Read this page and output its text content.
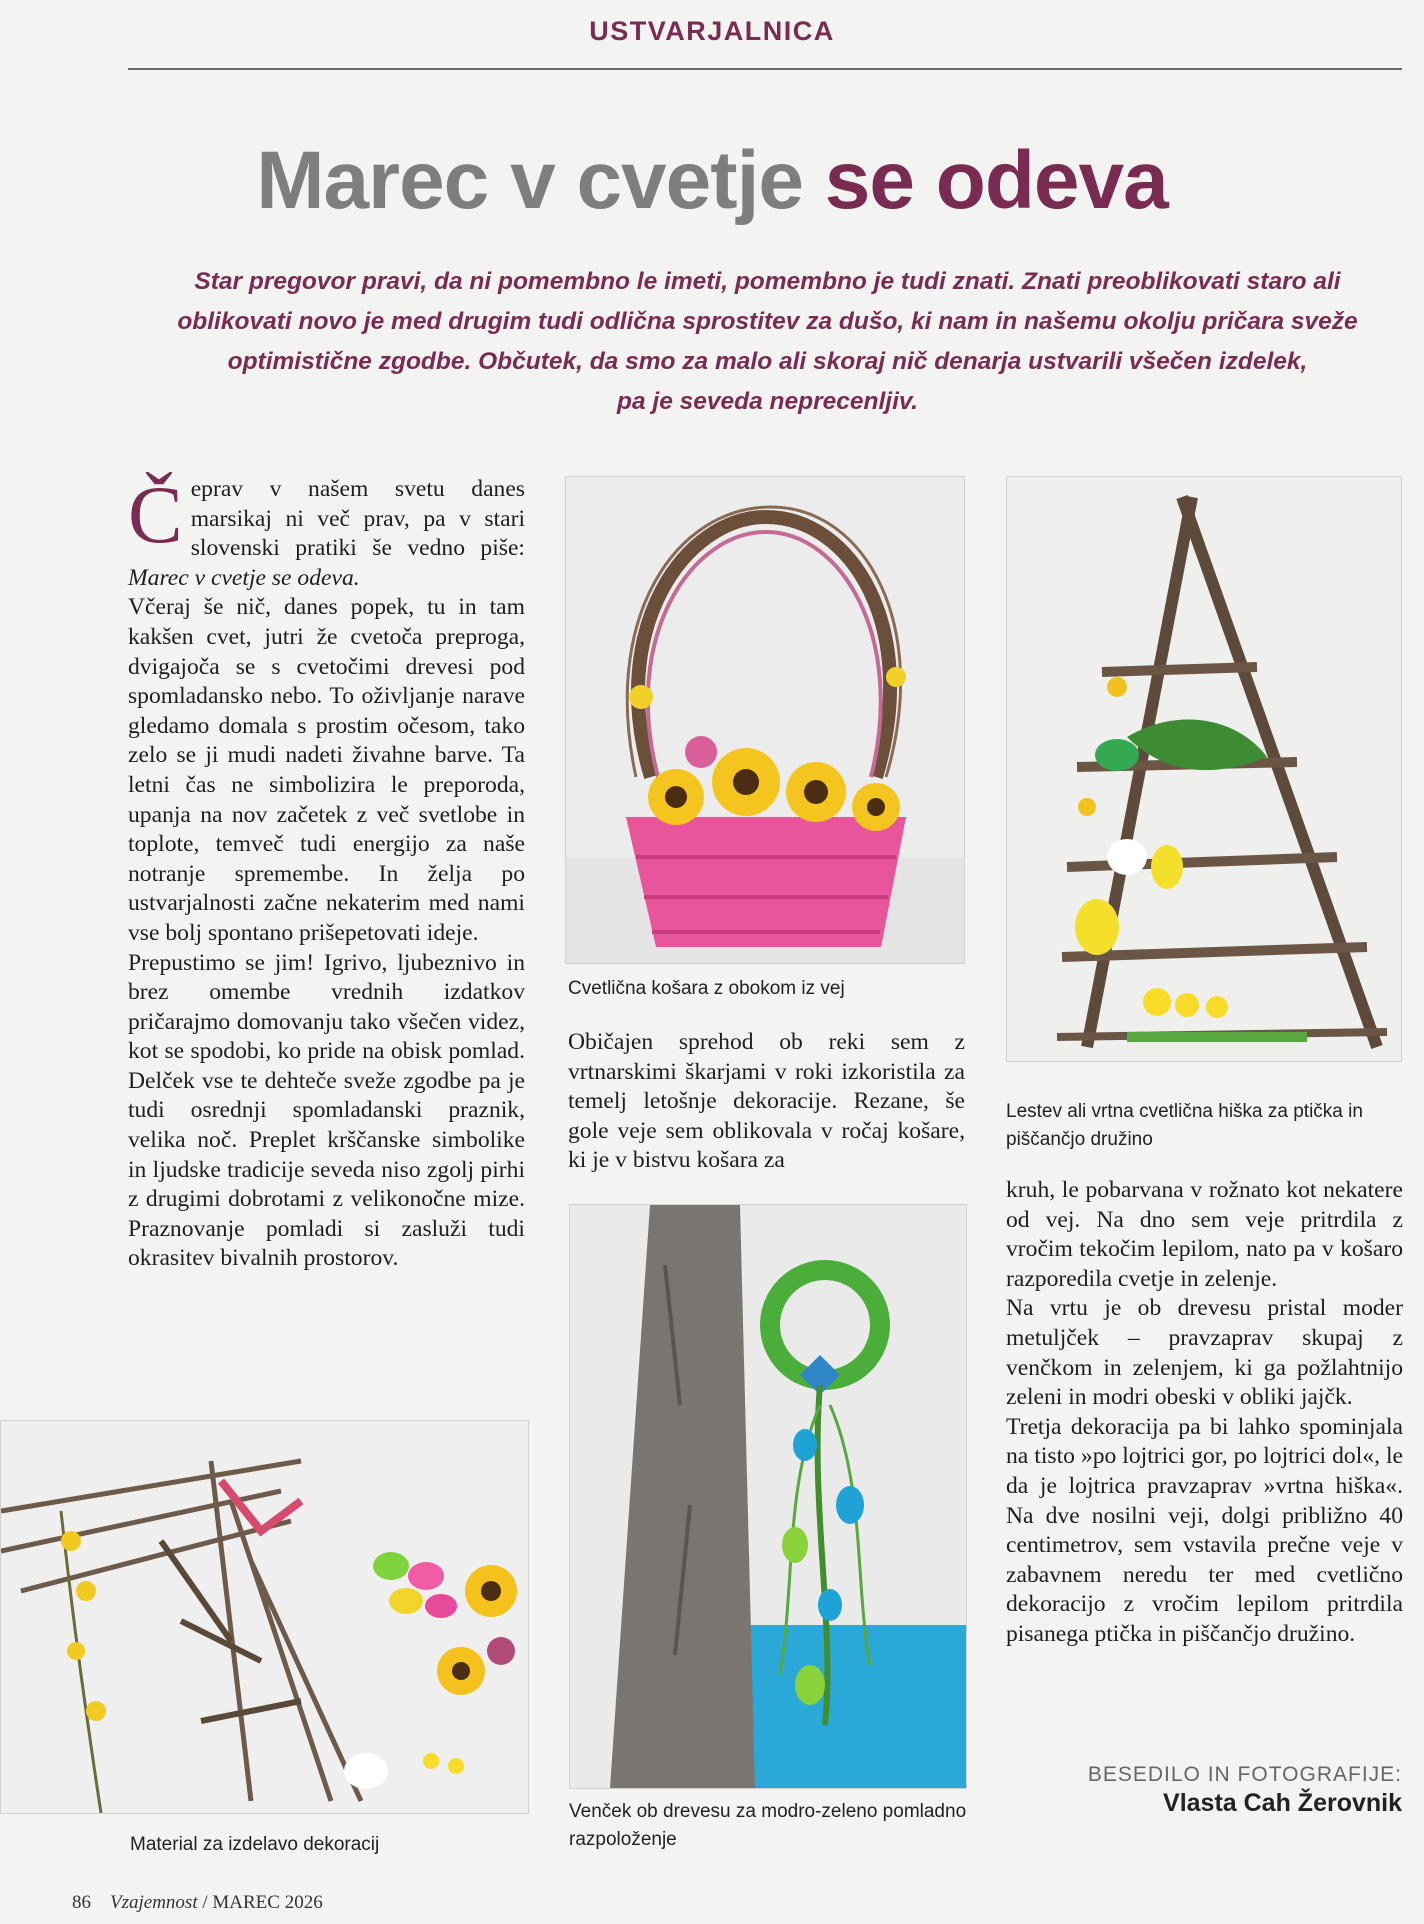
USTVARJALNICA
Marec v cvetje se odeva

Star pregovor pravi, da ni pomembno le imeti, pomembno je tudi znati. Znati preoblikovati staro ali

oblikovati novo je med drugim tudi odlična sprostitev za dušo, ki nam in našemu okolju pričara sveže

optimistične zgodbe. Občutek, da smo za malo ali skoraj nič denarja ustvarili všečen izdelek,

pa je seveda neprecenljiv.

Čeprav v našem svetu danes marsikaj ni več prav, pa v stari slovenski pratiki še vedno piše: Marec v cvetje se odeva.

Včeraj še nič, danes popek, tu in tam kakšen cvet, jutri že cvetoča preproga, dvigajoča se s cvetočimi drevesi pod spomladansko nebo. To oživljanje narave gledamo domala s prostim očesom, tako zelo se ji mudi nadeti živahne barve. Ta letni čas ne simbolizira le preporoda, upanja na nov začetek z več svetlobe in toplote, temveč tudi energijo za naše notranje spremembe. In želja po ustvarjalnosti začne nekaterim med nami vse bolj spontano prišepetovati ideje.

Prepustimo se jim! Igrivo, ljubeznivo in brez omembe vrednih izdatkov pričarajmo domovanju tako všečen videz, kot se spodobi, ko pride na obisk pomlad. Delček vse te dehteče sveže zgodbe pa je tudi osrednji spomladanski praznik, velika noč. Preplet krščanske simbolike in ljudske tradicije seveda niso zgolj pirhi z drugimi dobrotami z velikonočne mize. Praznovanje pomladi si zasluži tudi okrasitev bivalnih prostorov.

Cvetlična košara z obokom iz vej

Običajen sprehod ob reki sem z vrtnarskimi škarjami v roki izkoristila za temelj letošnje dekoracije. Rezane, še gole veje sem oblikovala v ročaj košare, ki je v bistvu košara za

Venček ob drevesu za modro-zeleno pomladno razpoloženje
Lestev ali vrtna cvetlična hiška za ptička in piščančjo družino

kruh, le pobarvana v rožnato kot nekatere od vej. Na dno sem veje pritrdila z vročim tekočim lepilom, nato pa v košaro razporedila cvetje in zelenje.

Na vrtu je ob drevesu pristal moder metuljček – pravzaprav skupaj z venčkom in zelenjem, ki ga požlahtnijo zeleni in modri obeski v obliki jajčk.

Tretja dekoracija pa bi lahko spominjala na tisto »po lojtrici gor, po lojtrici dol«, le da je lojtrica pravzaprav »vrtna hiška«. Na dve nosilni veji, dolgi približno 40 centimetrov, sem vstavila prečne veje v zabavnem neredu ter med cvetlično dekoracijo z vročim lepilom pritrdila pisanega ptička in piščančjo družino.

Material za izdelavo dekoracij
BESEDILO IN FOTOGRAFIJE:
Vlasta Cah Žerovnik
86 Vzajemnost / MAREC 2026
